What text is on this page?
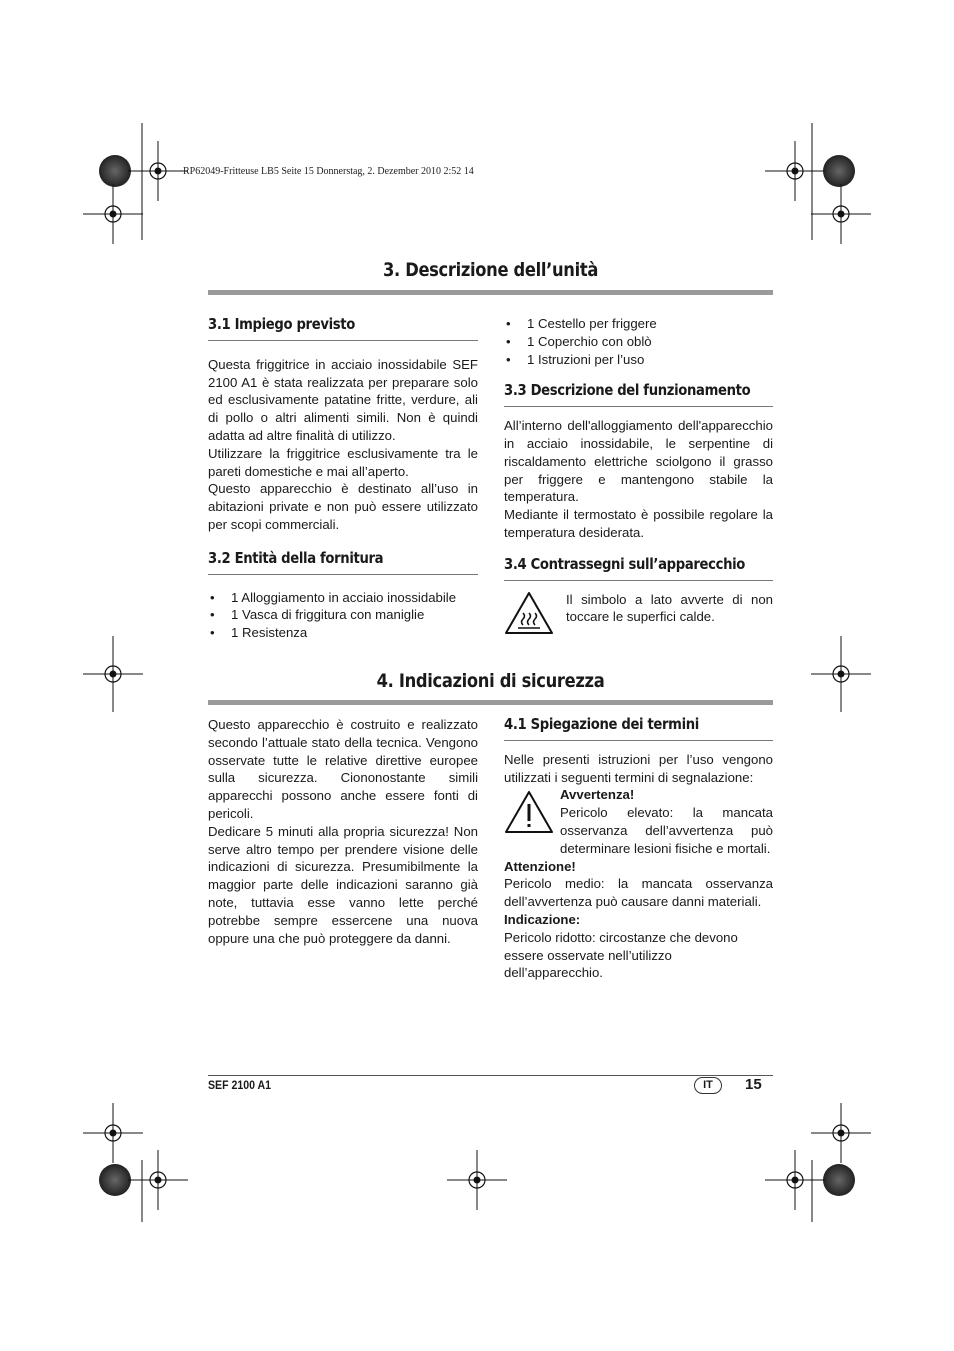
RP62049-Fritteuse LB5 Seite 15 Donnerstag, 2. Dezember 2010 2:52 14
3. Descrizione dell’unità
3.1 Impiego previsto

Questa friggitrice in acciaio inossidabile SEF 2100 A1 è stata realizzata per preparare solo ed esclusivamente patatine fritte, verdure, ali di pollo o altri alimenti simili. Non è quindi adatta ad altre finalità di utilizzo.

Utilizzare la friggitrice esclusivamente tra le pareti domestiche e mai all’aperto.

Questo apparecchio è destinato all’uso in abitazioni private e non può essere utilizzato per scopi commerciali.

3.2 Entità della fornitura
• 1 Alloggiamento in acciaio inossidabile
• 1 Vasca di friggitura con maniglie
• 1 Resistenza
• 1 Cestello per friggere
• 1 Coperchio con oblò
• 1 Istruzioni per l’uso
3.3 Descrizione del funzionamento

All’interno dell'alloggiamento dell'apparecchio in acciaio inossidabile, le serpentine di riscaldamento elettriche sciolgono il grasso per friggere e mantengono stabile la temperatura.

Mediante il termostato è possibile regolare la temperatura desiderata.

3.4 Contrassegni sull’apparecchio

Il simbolo a lato avverte di non toccare le superfici calde.

4. Indicazioni di sicurezza

Questo apparecchio è costruito e realizzato secondo l’attuale stato della tecnica. Vengono osservate tutte le relative direttive europee sulla sicurezza. Ciononostante simili apparecchi possono anche essere fonti di pericoli.

Dedicare 5 minuti alla propria sicurezza! Non serve altro tempo per prendere visione delle indicazioni di sicurezza. Presumibilmente la maggior parte delle indicazioni saranno già note, tuttavia esse vanno lette perché potrebbe sempre essercene una nuova oppure una che può proteggere da danni.

4.1 Spiegazione dei termini

Nelle presenti istruzioni per l’uso vengono utilizzati i seguenti termini di segnalazione:

Avvertenza!

Pericolo elevato: la mancata osservanza dell’avvertenza può determinare lesioni fisiche e mortali.

Attenzione!

Pericolo medio: la mancata osservanza dell’avvertenza può causare danni materiali.

Indicazione:

Pericolo ridotto: circostanze che devono essere osservate nell’utilizzo dell’apparecchio.

SEF 2100 A1	IT	15
